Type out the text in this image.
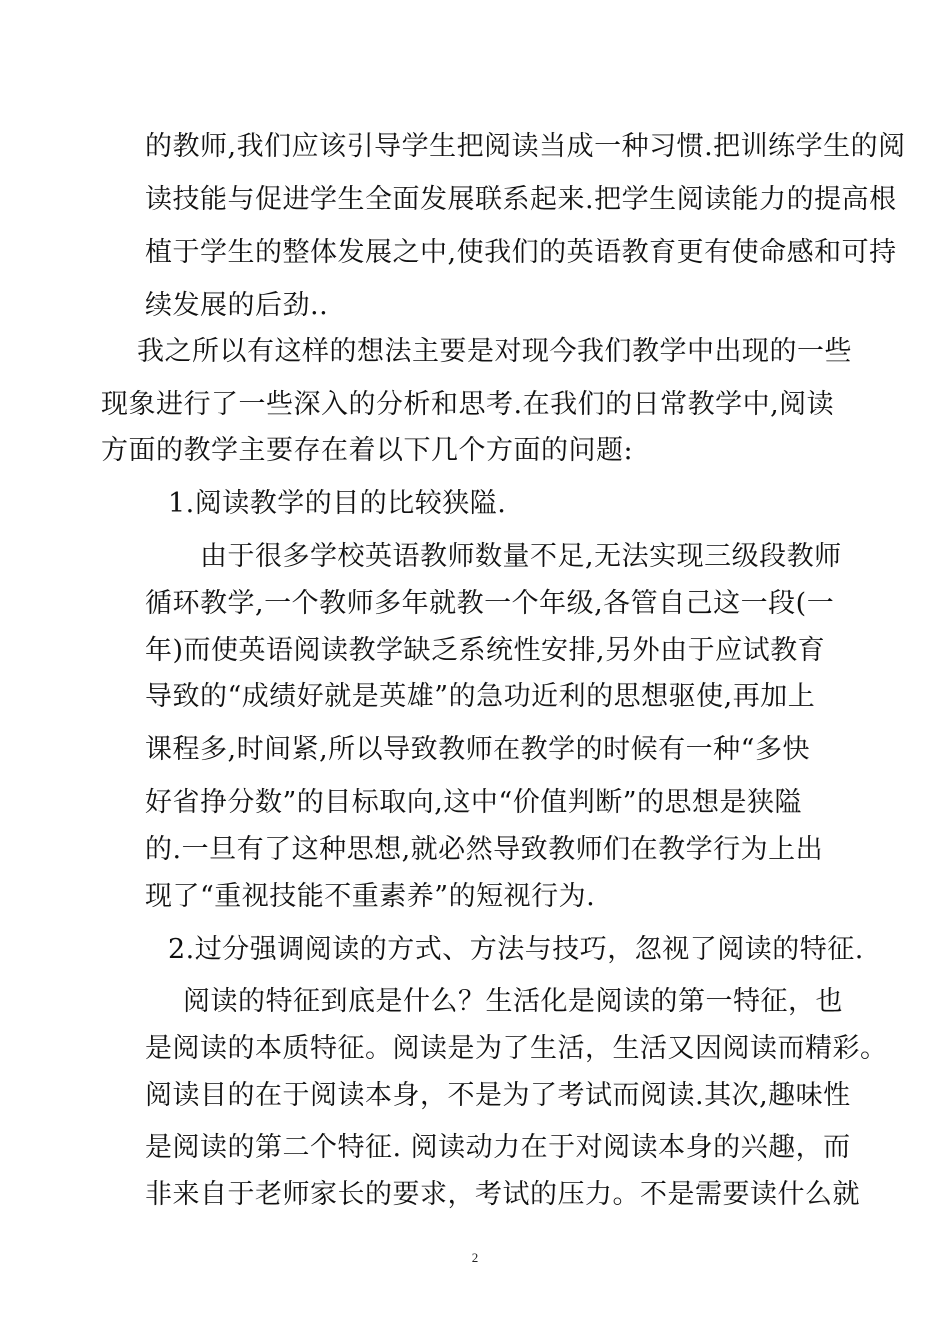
的教师,我们应该引导学生把阅读当成一种习惯.把训练学生的阅
读技能与促进学生全面发展联系起来.把学生阅读能力的提高根
植于学生的整体发展之中,使我们的英语教育更有使命感和可持
续发展的后劲..
我之所以有这样的想法主要是对现今我们教学中出现的一些
现象进行了一些深入的分析和思考.在我们的日常教学中,阅读
方面的教学主要存在着以下几个方面的问题:
1.阅读教学的目的比较狭隘.
由于很多学校英语教师数量不足,无法实现三级段教师
循环教学,一个教师多年就教一个年级,各管自己这一段(一
年)而使英语阅读教学缺乏系统性安排,另外由于应试教育
导致的“成绩好就是英雄”的急功近利的思想驱使,再加上
课程多,时间紧,所以导致教师在教学的时候有一种“多快
好省挣分数”的目标取向,这中“价值判断”的思想是狭隘
的.一旦有了这种思想,就必然导致教师们在教学行为上出
现了“重视技能不重素养”的短视行为.
2.过分强调阅读的方式、方法与技巧，忽视了阅读的特征.
阅读的特征到底是什么？生活化是阅读的第一特征，也
是阅读的本质特征。阅读是为了生活，生活又因阅读而精彩。
阅读目的在于阅读本身，不是为了考试而阅读.其次,趣味性
是阅读的第二个特征. 阅读动力在于对阅读本身的兴趣，而
非来自于老师家长的要求，考试的压力。不是需要读什么就
2
